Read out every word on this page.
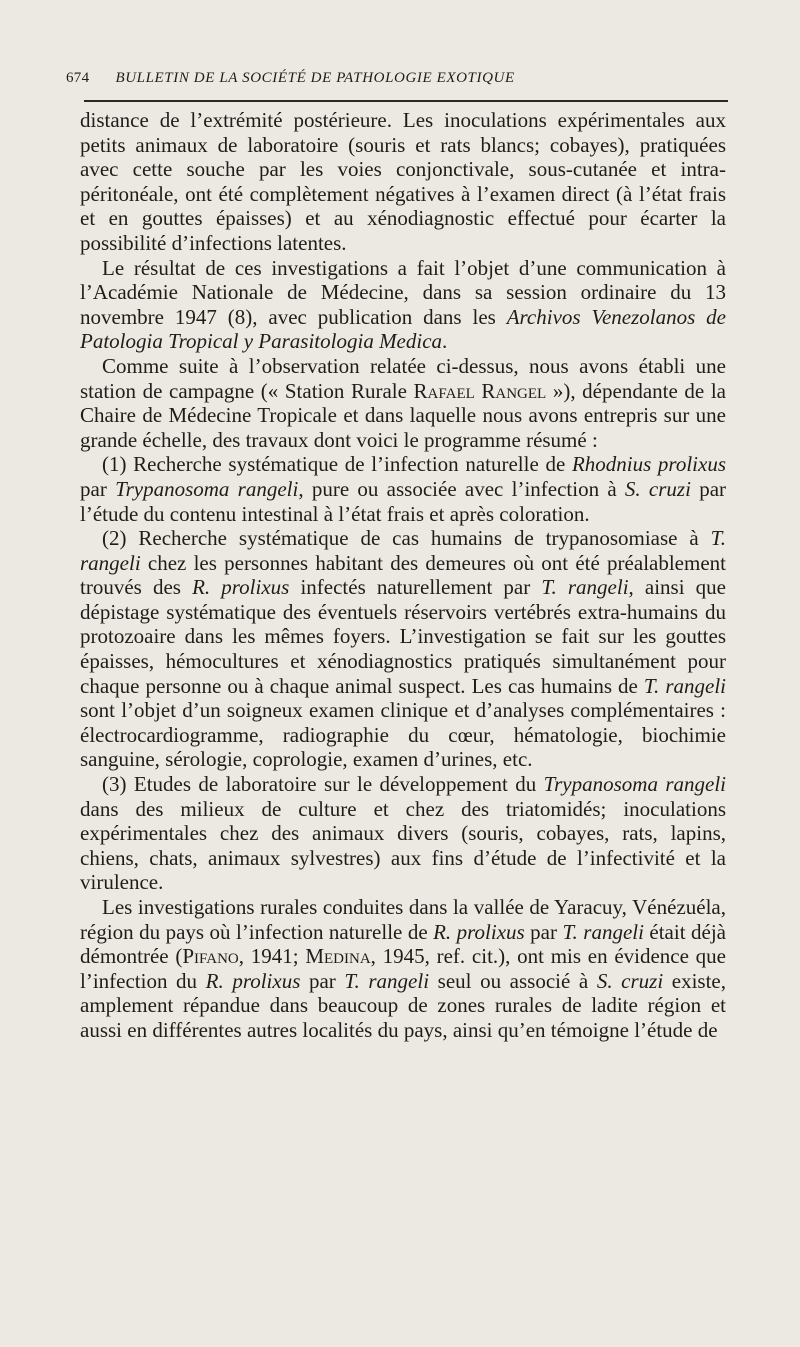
674 BULLETIN DE LA SOCIÉTÉ DE PATHOLOGIE EXOTIQUE

distance de l’extrémité postérieure. Les inoculations expérimentales aux petits animaux de laboratoire (souris et rats blancs; cobayes), pratiquées avec cette souche par les voies conjonctivale, sous-cutanée et intra-péritonéale, ont été complètement négatives à l’examen direct (à l’état frais et en gouttes épaisses) et au xénodiagnostic effectué pour écarter la possibilité d’infections latentes.

Le résultat de ces investigations a fait l’objet d’une communication à l’Académie Nationale de Médecine, dans sa session ordinaire du 13 novembre 1947 (8), avec publication dans les Archivos Venezolanos de Patologia Tropical y Parasitologia Medica.

Comme suite à l’observation relatée ci-dessus, nous avons établi une station de campagne (« Station Rurale Rafael Rangel »), dépendante de la Chaire de Médecine Tropicale et dans laquelle nous avons entrepris sur une grande échelle, des travaux dont voici le programme résumé :

(1) Recherche systématique de l’infection naturelle de Rhodnius prolixus par Trypanosoma rangeli, pure ou associée avec l’infection à S. cruzi par l’étude du contenu intestinal à l’état frais et après coloration.

(2) Recherche systématique de cas humains de trypanosomiase à T. rangeli chez les personnes habitant des demeures où ont été préalablement trouvés des R. prolixus infectés naturellement par T. rangeli, ainsi que dépistage systématique des éventuels réservoirs vertébrés extra-humains du protozoaire dans les mêmes foyers. L’investigation se fait sur les gouttes épaisses, hémocultures et xénodiagnostics pratiqués simultanément pour chaque personne ou à chaque animal suspect. Les cas humains de T. rangeli sont l’objet d’un soigneux examen clinique et d’analyses complémentaires : électrocardiogramme, radiographie du cœur, hématologie, biochimie sanguine, sérologie, coprologie, examen d’urines, etc.

(3) Etudes de laboratoire sur le développement du Trypanosoma rangeli dans des milieux de culture et chez des triatomidés; inoculations expérimentales chez des animaux divers (souris, cobayes, rats, lapins, chiens, chats, animaux sylvestres) aux fins d’étude de l’infectivité et la virulence.

Les investigations rurales conduites dans la vallée de Yaracuy, Vénézuéla, région du pays où l’infection naturelle de R. prolixus par T. rangeli était déjà démontrée (Pifano, 1941; Medina, 1945, ref. cit.), ont mis en évidence que l’infection du R. prolixus par T. rangeli seul ou associé à S. cruzi existe, amplement répandue dans beaucoup de zones rurales de ladite région et aussi en différentes autres localités du pays, ainsi qu’en témoigne l’étude de
